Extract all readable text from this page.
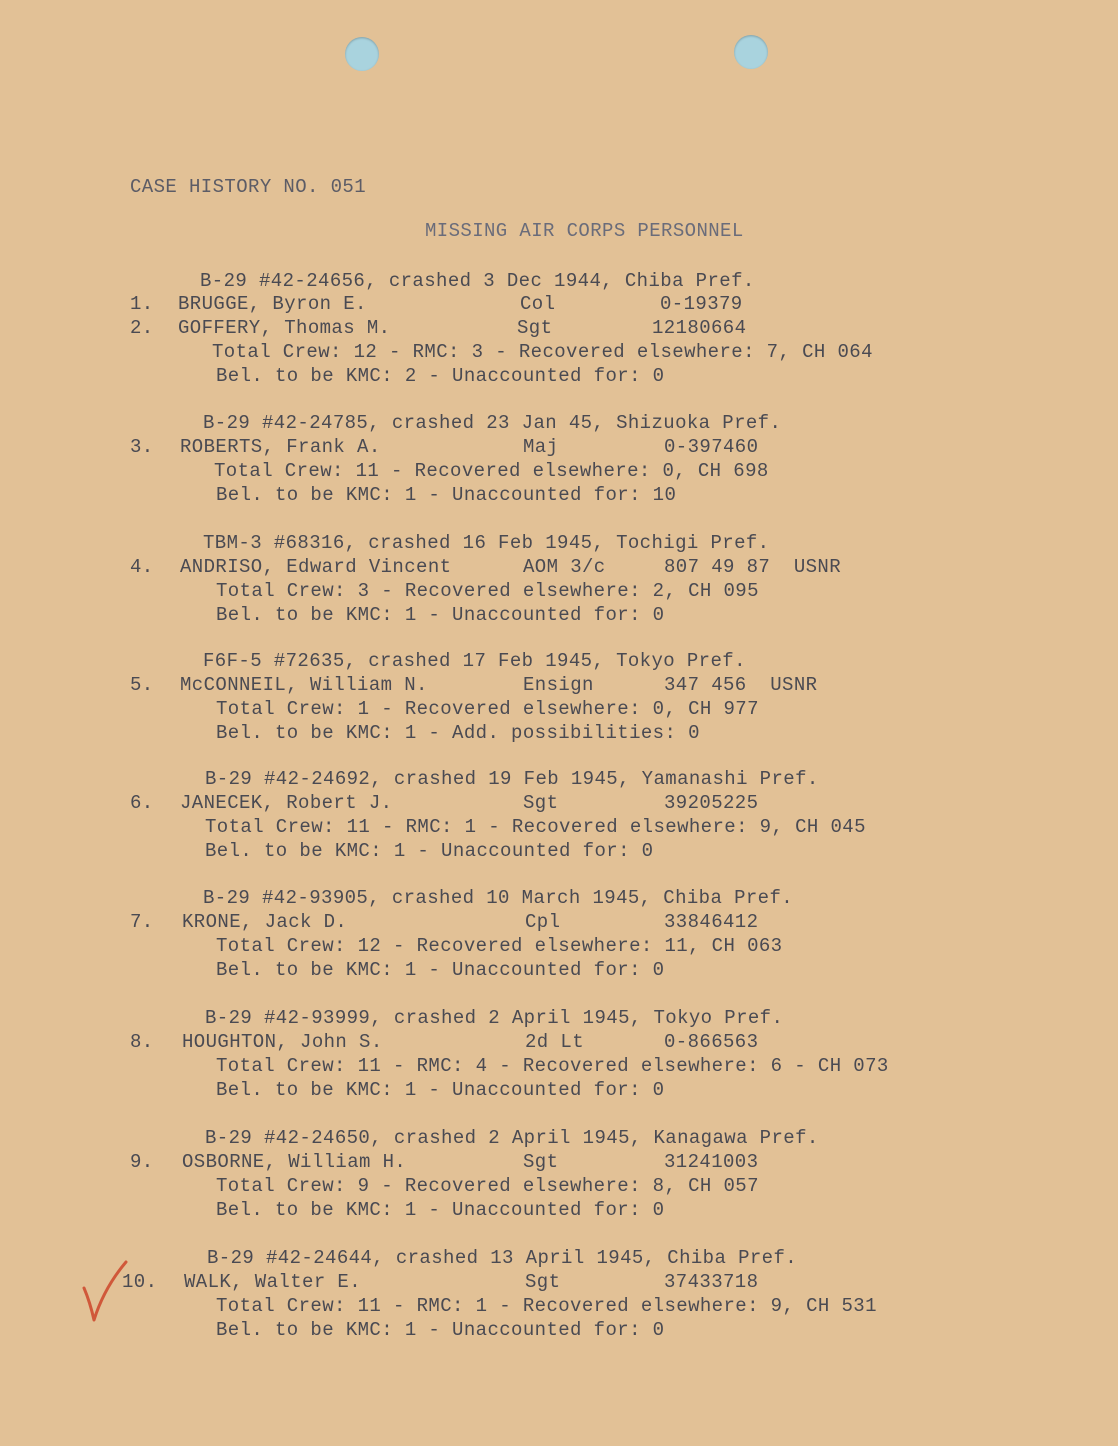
CASE HISTORY NO. 051
MISSING AIR CORPS PERSONNEL
B-29 #42-24656, crashed 3 Dec 1944, Chiba Pref.
1. BRUGGE, Byron E.	Col	0-19379
2. GOFFERY, Thomas M.	Sgt	12180664
Total Crew: 12 - RMC: 3 - Recovered elsewhere: 7, CH 064
Bel. to be KMC: 2 - Unaccounted for: 0
B-29 #42-24785, crashed 23 Jan 45, Shizuoka Pref.
3. ROBERTS, Frank A.	Maj	0-397460
Total Crew: 11 - Recovered elsewhere: 0, CH 698
Bel. to be KMC: 1 - Unaccounted for: 10
TBM-3 #68316, crashed 16 Feb 1945, Tochigi Pref.
4. ANDRISO, Edward Vincent	AOM 3/c	807 49 87  USNR
Total Crew: 3 - Recovered elsewhere: 2, CH 095
Bel. to be KMC: 1 - Unaccounted for: 0
F6F-5 #72635, crashed 17 Feb 1945, Tokyo Pref.
5. McCONNEIL, William N.	Ensign	347 456  USNR
Total Crew: 1 - Recovered elsewhere: 0, CH 977
Bel. to be KMC: 1 - Add. possibilities: 0
B-29 #42-24692, crashed 19 Feb 1945, Yamanashi Pref.
6. JANECEK, Robert J.	Sgt	39205225
Total Crew: 11 - RMC: 1 - Recovered elsewhere: 9, CH 045
Bel. to be KMC: 1 - Unaccounted for: 0
B-29 #42-93905, crashed 10 March 1945, Chiba Pref.
7. KRONE, Jack D.	Cpl	33846412
Total Crew: 12 - Recovered elsewhere: 11, CH 063
Bel. to be KMC: 1 - Unaccounted for: 0
B-29 #42-93999, crashed 2 April 1945, Tokyo Pref.
8. HOUGHTON, John S.	2d Lt	0-866563
Total Crew: 11 - RMC: 4 - Recovered elsewhere: 6 - CH 073
Bel. to be KMC: 1 - Unaccounted for: 0
B-29 #42-24650, crashed 2 April 1945, Kanagawa Pref.
9. OSBORNE, William H.	Sgt	31241003
Total Crew: 9 - Recovered elsewhere: 8, CH 057
Bel. to be KMC: 1 - Unaccounted for: 0
B-29 #42-24644, crashed 13 April 1945, Chiba Pref.
10. WALK, Walter E.	Sgt	37433718
Total Crew: 11 - RMC: 1 - Recovered elsewhere: 9, CH 531
Bel. to be KMC: 1 - Unaccounted for: 0
